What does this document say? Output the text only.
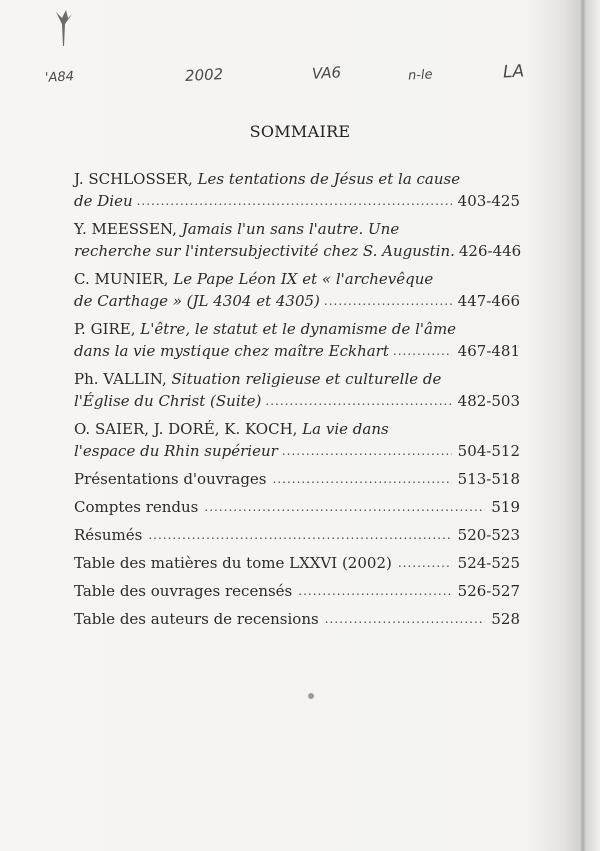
'A84	2002	VA6	n-le	LA
SOMMAIRE
J. SCHLOSSER, Les tentations de Jésus et la cause
de Dieu .....	403-425
Y. MEESSEN, Jamais l'un sans l'autre. Une
recherche sur l'intersubjectivité chez S. Augustin. 426-446
C. MUNIER, Le Pape Léon IX et « l'archevêque
de Carthage » (JL 4304 et 4305) .....	447-466
P. GIRE, L'être, le statut et le dynamisme de l'âme
dans la vie mystique chez maître Eckhart .....	467-481
Ph. VALLIN, Situation religieuse et culturelle de
l'Église du Christ (Suite) .....	482-503
O. SAIER, J. DORÉ, K. KOCH, La vie dans
l'espace du Rhin supérieur .....	504-512
Présentations d'ouvrages .....	513-518
Comptes rendus .....	519
Résumés .....	520-523
Table des matières du tome LXXVI (2002) .....	524-525
Table des ouvrages recensés .....	526-527
Table des auteurs de recensions .....	528
